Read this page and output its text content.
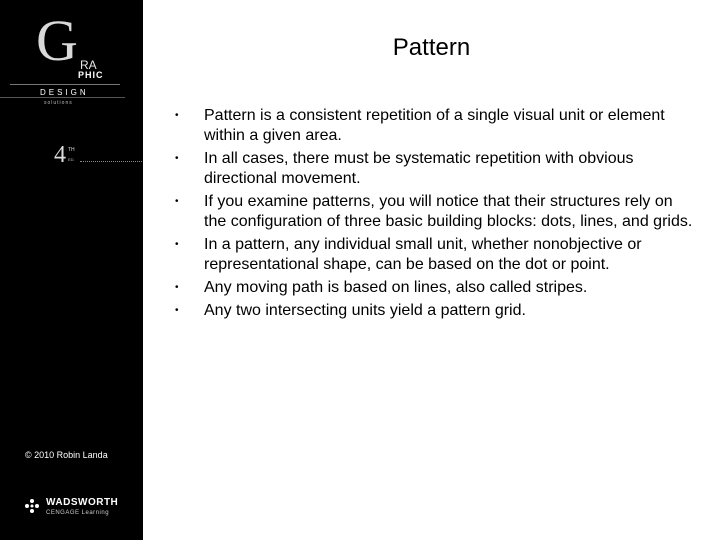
G RA
PHIC
DESIGN
solutions
4 TH
ED.
© 2010 Robin Landa
WADSWORTH
CENGAGE Learning
Pattern
• Pattern is a consistent repetition of a single visual unit or element within a given area.
• In all cases, there must be systematic repetition with obvious directional movement.
• If you examine patterns, you will notice that their structures rely on the configuration of three basic building blocks: dots, lines, and grids.
• In a pattern, any individual small unit, whether nonobjective or representational shape, can be based on the dot or point.
• Any moving path is based on lines, also called stripes.
• Any two intersecting units yield a pattern grid.
